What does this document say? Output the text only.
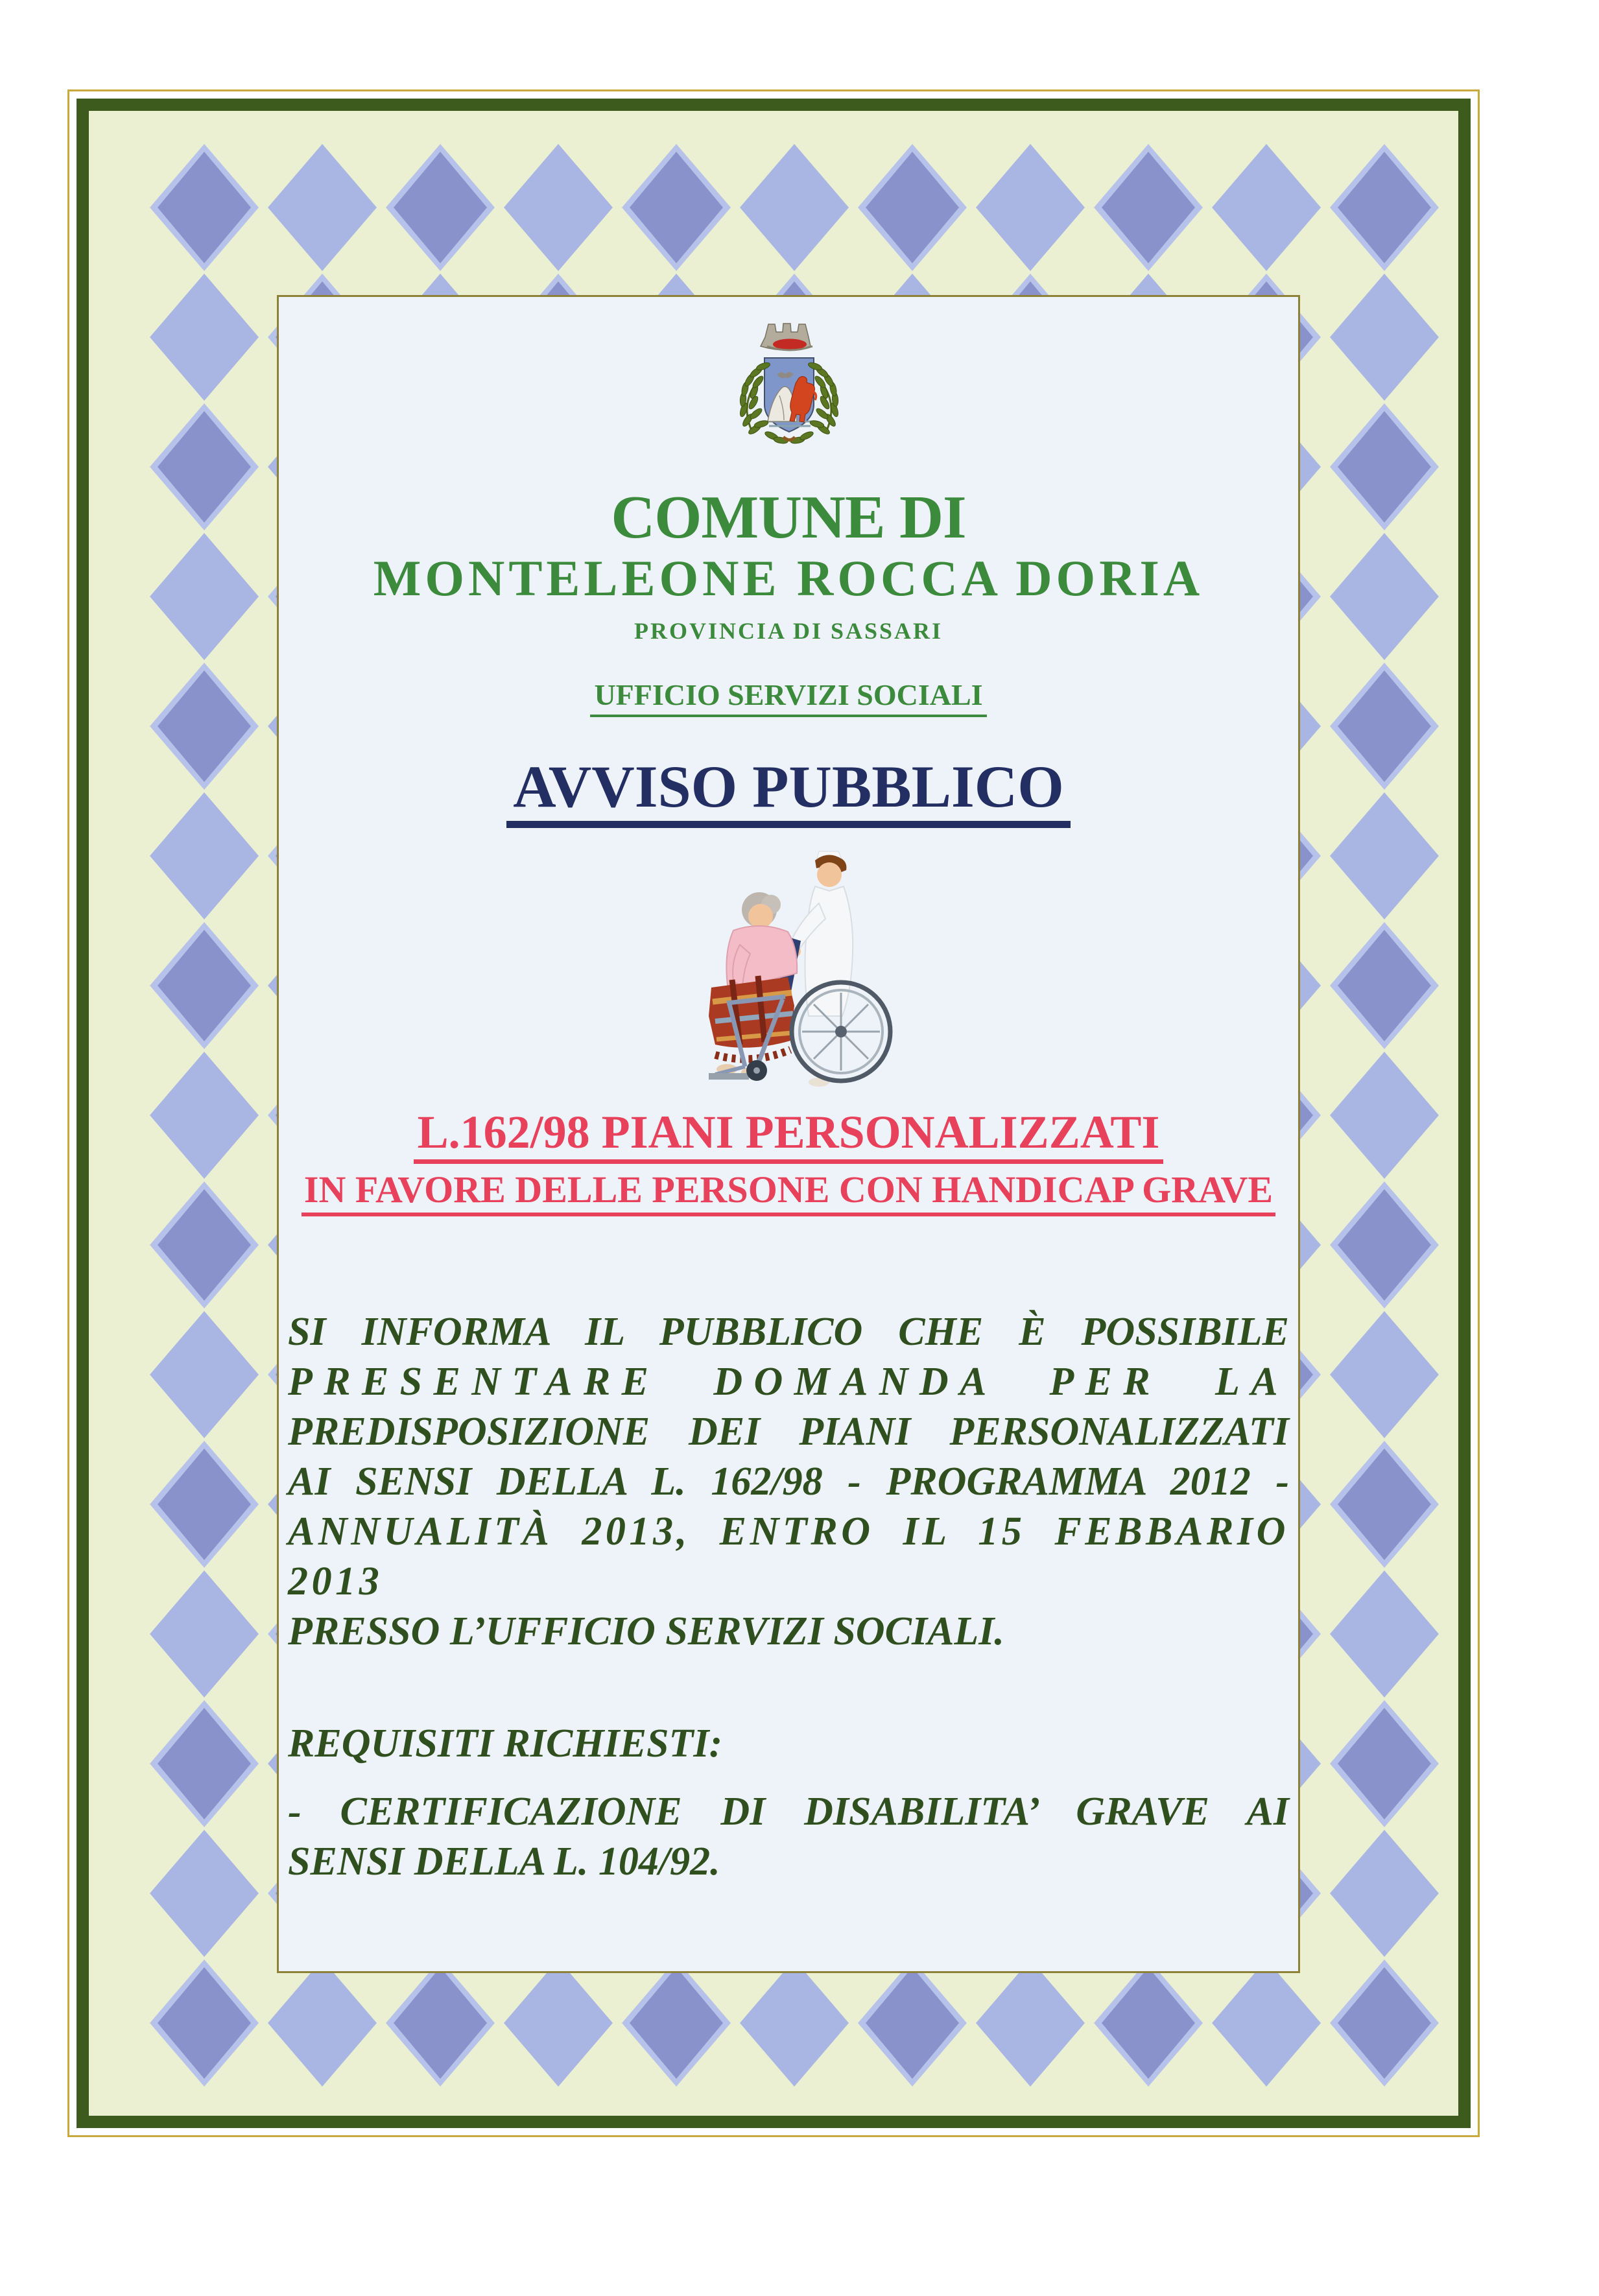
COMUNE DI
MONTELEONE ROCCA DORIA
PROVINCIA DI SASSARI
UFFICIO SERVIZI SOCIALI
AVVISO PUBBLICO
L.162/98 PIANI PERSONALIZZATI
IN FAVORE DELLE PERSONE CON HANDICAP GRAVE
SI INFORMA IL PUBBLICO CHE È POSSIBILE
PRESENTARE DOMANDA PER LA
PREDISPOSIZIONE DEI PIANI PERSONALIZZATI
AI SENSI DELLA L. 162/98 - PROGRAMMA 2012 -
ANNUALITÀ 2013, ENTRO IL 15 FEBBARIO 2013
PRESSO L’UFFICIO SERVIZI SOCIALI.
REQUISITI RICHIESTI:
- CERTIFICAZIONE DI DISABILITA’ GRAVE AI
SENSI DELLA L. 104/92.
